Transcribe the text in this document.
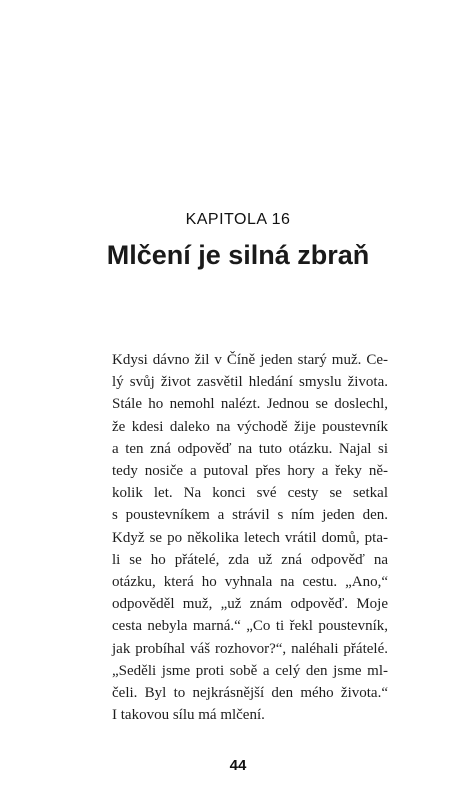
KAPITOLA 16
Mlčení je silná zbraň
Kdysi dávno žil v Číně jeden starý muž. Ce-
lý svůj život zasvětil hledání smyslu života.
Stále ho nemohl nalézt. Jednou se doslechl,
že kdesi daleko na východě žije poustevník
a ten zná odpověď na tuto otázku. Najal si
tedy nosiče a putoval přes hory a řeky ně-
kolik let. Na konci své cesty se setkal
s poustevníkem a strávil s ním jeden den.
Když se po několika letech vrátil domů, pta-
li se ho přátelé, zda už zná odpověď na
otázku, která ho vyhnala na cestu. „Ano,“
odpověděl muž, „už znám odpověď. Moje
cesta nebyla marná.“ „Co ti řekl poustevník,
jak probíhal váš rozhovor?“, naléhali přátelé.
„Seděli jsme proti sobě a celý den jsme ml-
čeli. Byl to nejkrásnější den mého života.“
I takovou sílu má mlčení.
44
